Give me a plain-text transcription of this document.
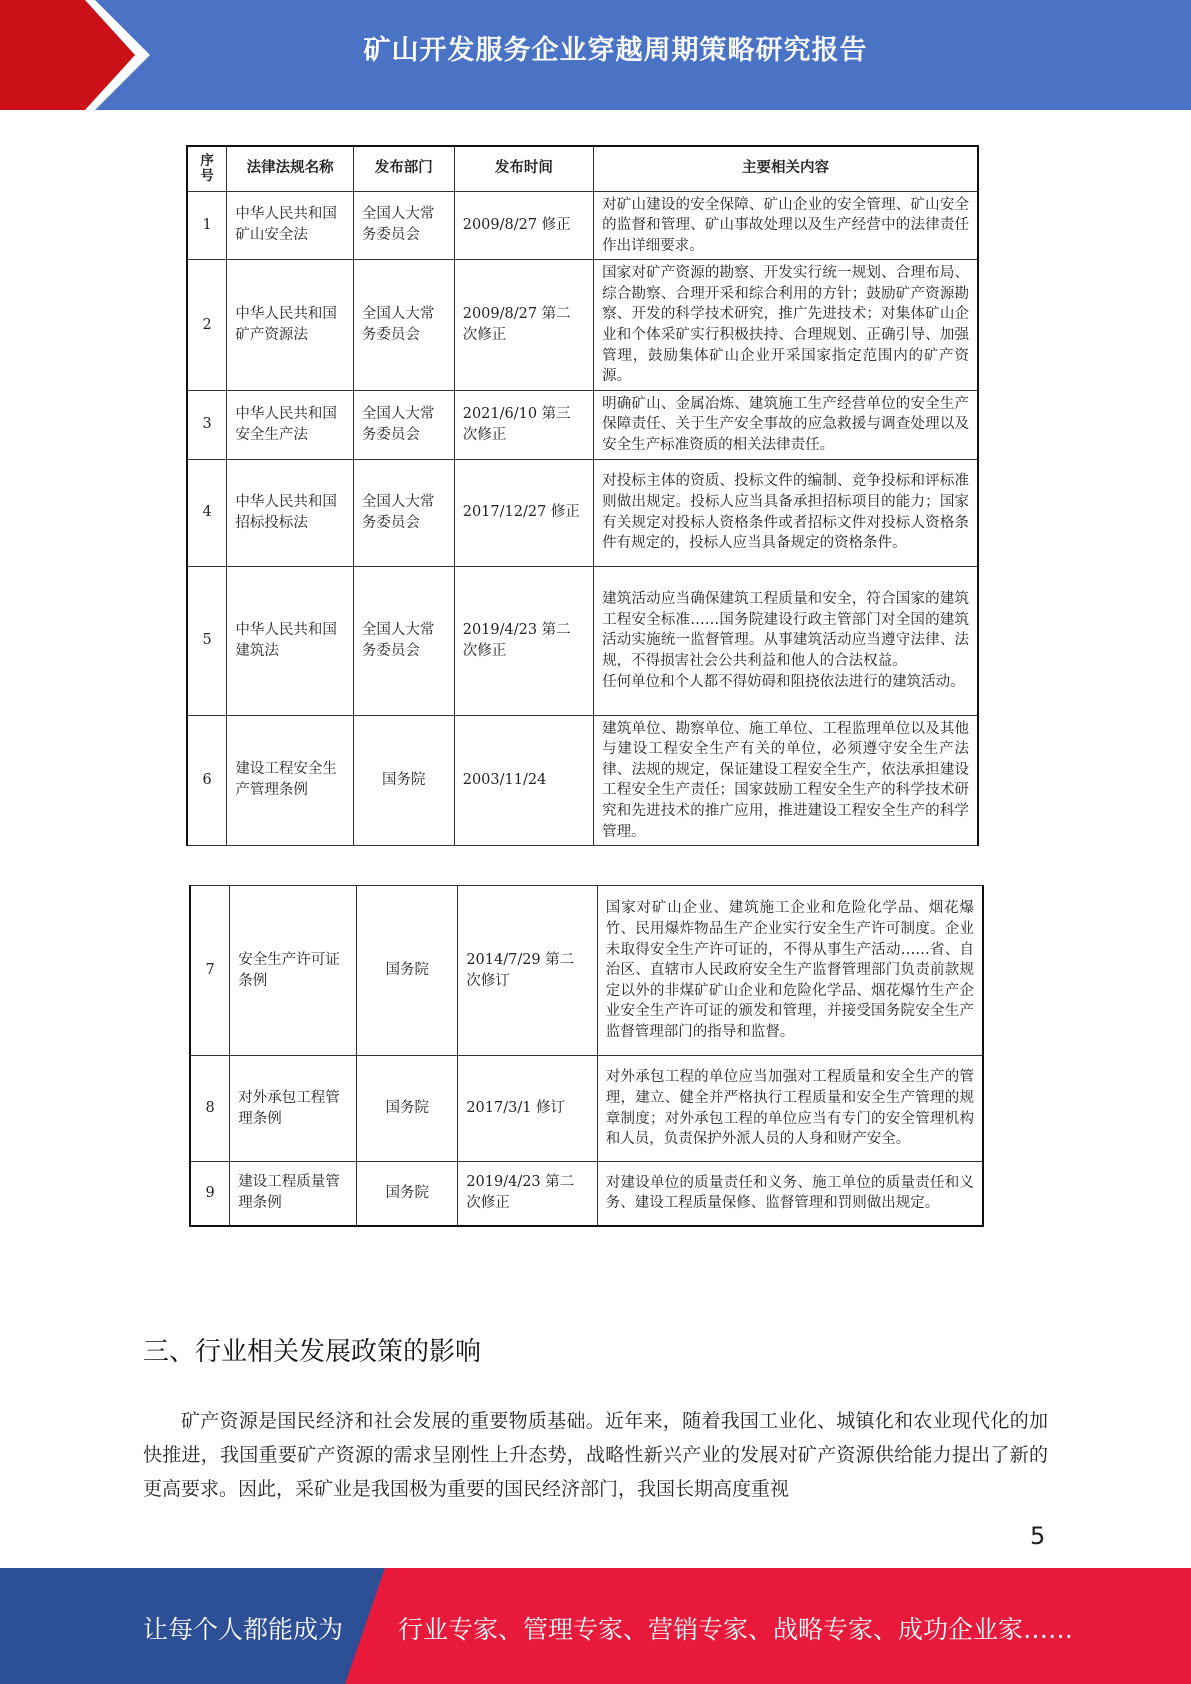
矿山开发服务企业穿越周期策略研究报告
序号	法律法规名称	发布部门	发布时间	主要相关内容
1	中华人民共和国矿山安全法	全国人大常务委员会	2009/8/27 修正	对矿山建设的安全保障、矿山企业的安全管理、矿山安全的监督和管理、矿山事故处理以及生产经营中的法律责任作出详细要求。
2	中华人民共和国矿产资源法	全国人大常务委员会	2009/8/27 第二次修正	国家对矿产资源的勘察、开发实行统一规划、合理布局、综合勘察、合理开采和综合利用的方针；鼓励矿产资源勘察、开发的科学技术研究，推广先进技术；对集体矿山企业和个体采矿实行积极扶持、合理规划、正确引导、加强管理，鼓励集体矿山企业开采国家指定范围内的矿产资源。
3	中华人民共和国安全生产法	全国人大常务委员会	2021/6/10 第三次修正	明确矿山、金属冶炼、建筑施工生产经营单位的安全生产保障责任、关于生产安全事故的应急救援与调查处理以及安全生产标准资质的相关法律责任。
4	中华人民共和国招标投标法	全国人大常务委员会	2017/12/27 修正	对投标主体的资质、投标文件的编制、竞争投标和评标准则做出规定。投标人应当具备承担招标项目的能力；国家有关规定对投标人资格条件或者招标文件对投标人资格条件有规定的，投标人应当具备规定的资格条件。
5	中华人民共和国建筑法	全国人大常务委员会	2019/4/23 第二次修正	建筑活动应当确保建筑工程质量和安全，符合国家的建筑工程安全标准……国务院建设行政主管部门对全国的建筑活动实施统一监督管理。从事建筑活动应当遵守法律、法规，不得损害社会公共利益和他人的合法权益。
任何单位和个人都不得妨碍和阻挠依法进行的建筑活动。
6	建设工程安全生产管理条例	国务院	2003/11/24	建筑单位、勘察单位、施工单位、工程监理单位以及其他与建设工程安全生产有关的单位，必须遵守安全生产法律、法规的规定，保证建设工程安全生产，依法承担建设工程安全生产责任；国家鼓励工程安全生产的科学技术研究和先进技术的推广应用，推进建设工程安全生产的科学管理。
7	安全生产许可证条例	国务院	2014/7/29 第二次修订	国家对矿山企业、建筑施工企业和危险化学品、烟花爆竹、民用爆炸物品生产企业实行安全生产许可制度。企业未取得安全生产许可证的，不得从事生产活动……省、自治区、直辖市人民政府安全生产监督管理部门负责前款规定以外的非煤矿矿山企业和危险化学品、烟花爆竹生产企业安全生产许可证的颁发和管理，并接受国务院安全生产监督管理部门的指导和监督。
8	对外承包工程管理条例	国务院	2017/3/1 修订	对外承包工程的单位应当加强对工程质量和安全生产的管理，建立、健全并严格执行工程质量和安全生产管理的规章制度；对外承包工程的单位应当有专门的安全管理机构和人员，负责保护外派人员的人身和财产安全。
9	建设工程质量管理条例	国务院	2019/4/23 第二次修正	对建设单位的质量责任和义务、施工单位的质量责任和义务、建设工程质量保修、监督管理和罚则做出规定。
三、行业相关发展政策的影响
矿产资源是国民经济和社会发展的重要物质基础。近年来，随着我国工业化、城镇化和农业现代化的加快推进，我国重要矿产资源的需求呈刚性上升态势，战略性新兴产业的发展对矿产资源供给能力提出了新的更高要求。因此，采矿业是我国极为重要的国民经济部门，我国长期高度重视
5
让每个人都能成为 行业专家、管理专家、营销专家、战略专家、成功企业家……
